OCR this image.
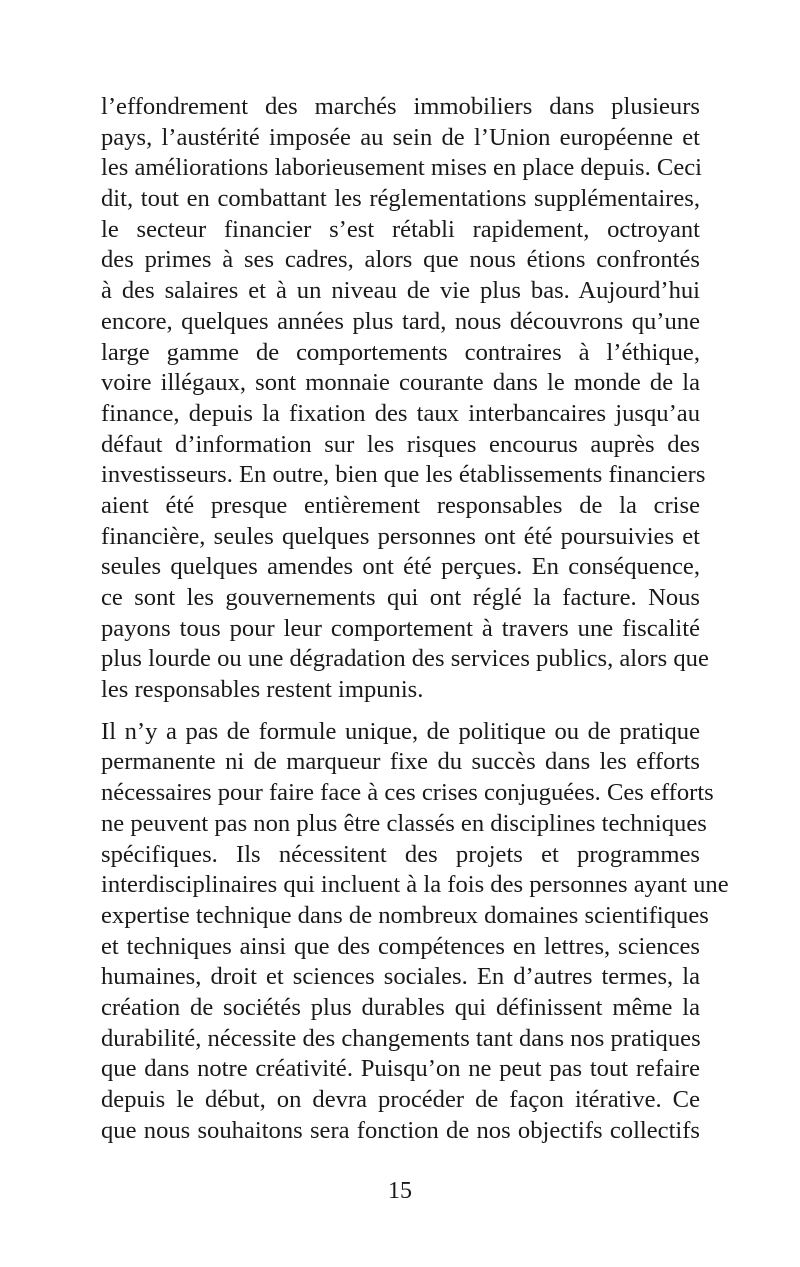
l’effondrement des marchés immobiliers dans plusieurs
pays, l’austérité imposée au sein de l’Union européenne et
les améliorations laborieusement mises en place depuis. Ceci
dit, tout en combattant les réglementations supplémentaires,
le secteur financier s’est rétabli rapidement, octroyant
des primes à ses cadres, alors que nous étions confrontés
à des salaires et à un niveau de vie plus bas. Aujourd’hui
encore, quelques années plus tard, nous découvrons qu’une
large gamme de comportements contraires à l’éthique,
voire illégaux, sont monnaie courante dans le monde de la
finance, depuis la fixation des taux interbancaires jusqu’au
défaut d’information sur les risques encourus auprès des
investisseurs. En outre, bien que les établissements financiers
aient été presque entièrement responsables de la crise
financière, seules quelques personnes ont été poursuivies et
seules quelques amendes ont été perçues. En conséquence,
ce sont les gouvernements qui ont réglé la facture. Nous
payons tous pour leur comportement à travers une fiscalité
plus lourde ou une dégradation des services publics, alors que
les responsables restent impunis.

Il n’y a pas de formule unique, de politique ou de pratique
permanente ni de marqueur fixe du succès dans les efforts
nécessaires pour faire face à ces crises conjuguées. Ces efforts
ne peuvent pas non plus être classés en disciplines techniques
spécifiques. Ils nécessitent des projets et programmes
interdisciplinaires qui incluent à la fois des personnes ayant une
expertise technique dans de nombreux domaines scientifiques
et techniques ainsi que des compétences en lettres, sciences
humaines, droit et sciences sociales. En d’autres termes, la
création de sociétés plus durables qui définissent même la
durabilité, nécessite des changements tant dans nos pratiques
que dans notre créativité. Puisqu’on ne peut pas tout refaire
depuis le début, on devra procéder de façon itérative. Ce
que nous souhaitons sera fonction de nos objectifs collectifs

15
